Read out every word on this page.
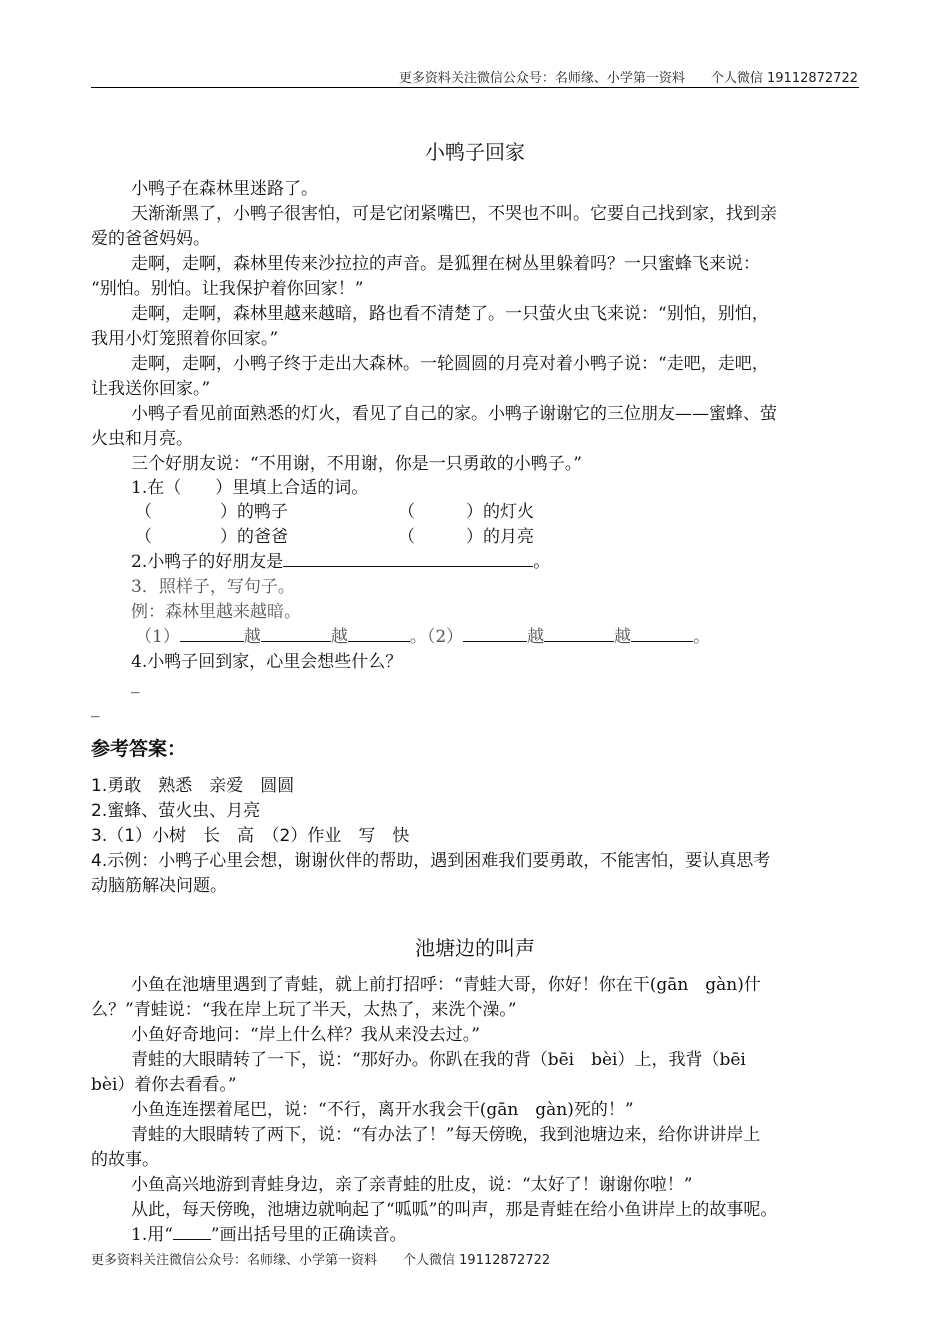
更多资料关注微信公众号：名师缘、小学第一资料 个人微信 19112872722
小鸭子回家
小鸭子在森林里迷路了。
天渐渐黑了，小鸭子很害怕，可是它闭紧嘴巴，不哭也不叫。它要自己找到家，找到亲
爱的爸爸妈妈。
走啊，走啊，森林里传来沙拉拉的声音。是狐狸在树丛里躲着吗？一只蜜蜂飞来说：
“别怕。别怕。让我保护着你回家！”
走啊，走啊，森林里越来越暗，路也看不清楚了。一只萤火虫飞来说：“别怕，别怕，
我用小灯笼照着你回家。”
走啊，走啊，小鸭子终于走出大森林。一轮圆圆的月亮对着小鸭子说：“走吧，走吧，
让我送你回家。”
小鸭子看见前面熟悉的灯火，看见了自己的家。小鸭子谢谢它的三位朋友——蜜蜂、萤
火虫和月亮。
三个好朋友说：“不用谢，不用谢，你是一只勇敢的小鸭子。”
1.在（　　）里填上合适的词。
（　　　　）的鸭子	（　　　）的灯火
（　　　　）的爸爸	（　　　）的月亮
2.小鸭子的好朋友是	。
3．照样子，写句子。
例：森林里越来越暗。
（1）	越	越	。（2）	越	越	。
4.小鸭子回到家，心里会想些什么？
_
_
参考答案：
1.勇敢　熟悉　亲爱　圆圆
2.蜜蜂、萤火虫、月亮
3.（1）小树　长　高　（2）作业　写　快
4.示例：小鸭子心里会想，谢谢伙伴的帮助，遇到困难我们要勇敢，不能害怕，要认真思考
动脑筋解决问题。
池塘边的叫声
小鱼在池塘里遇到了青蛙，就上前打招呼：“青蛙大哥，你好！你在干(gān　gàn)什
么？”青蛙说：“我在岸上玩了半天，太热了，来洗个澡。”
小鱼好奇地问：“岸上什么样？我从来没去过。”
青蛙的大眼睛转了一下，说：“那好办。你趴在我的背（bēi　bèi）上，我背（bēi
bèi）着你去看看。”
小鱼连连摆着尾巴，说：“不行，离开水我会干(gān　gàn)死的！”
青蛙的大眼睛转了两下，说：“有办法了！”每天傍晚，我到池塘边来，给你讲讲岸上
的故事。
小鱼高兴地游到青蛙身边，亲了亲青蛙的肚皮，说：“太好了！谢谢你啦！”
从此，每天傍晚，池塘边就响起了“呱呱”的叫声，那是青蛙在给小鱼讲岸上的故事呢。
1.用“ ”画出括号里的正确读音。
更多资料关注微信公众号：名师缘、小学第一资料 个人微信 19112872722
